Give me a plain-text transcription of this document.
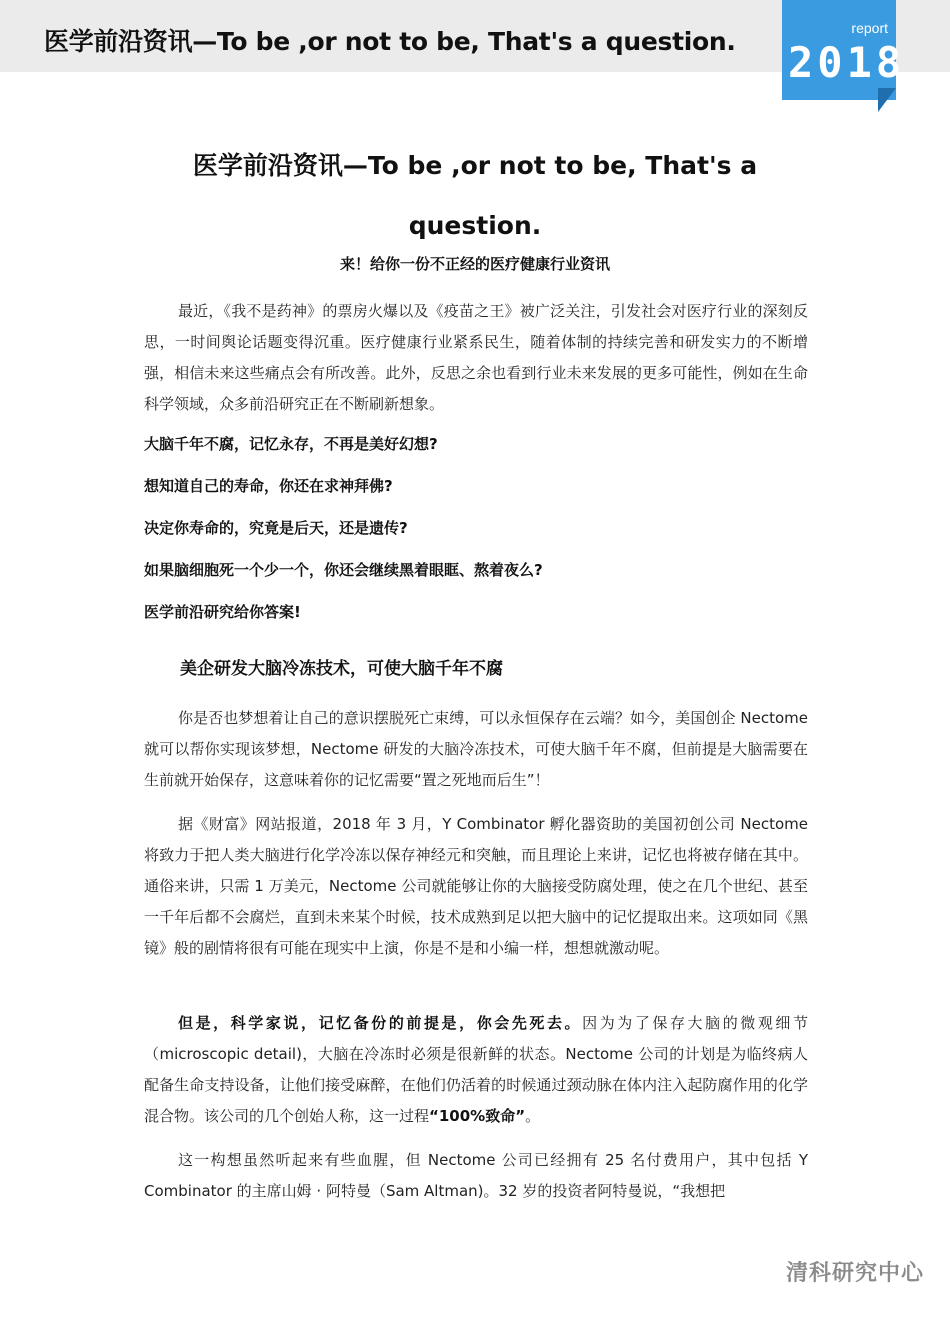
医学前沿资讯—To be ,or not to be, That's a question.	report
2018
医学前沿资讯—To be ,or not to be, That's a question.
来！给你一份不正经的医疗健康行业资讯

最近，《我不是药神》的票房火爆以及《疫苗之王》被广泛关注，引发社会对医疗行业的深刻反思，一时间舆论话题变得沉重。医疗健康行业紧系民生，随着体制的持续完善和研发实力的不断增强，相信未来这些痛点会有所改善。此外，反思之余也看到行业未来发展的更多可能性，例如在生命科学领域，众多前沿研究正在不断刷新想象。

大脑千年不腐，记忆永存，不再是美好幻想?
想知道自己的寿命，你还在求神拜佛?
决定你寿命的，究竟是后天，还是遗传?
如果脑细胞死一个少一个，你还会继续黑着眼眶、熬着夜么?
医学前沿研究给你答案!
美企研发大脑冷冻技术，可使大脑千年不腐

你是否也梦想着让自己的意识摆脱死亡束缚，可以永恒保存在云端？如今，美国创企 Nectome 就可以帮你实现该梦想，Nectome 研发的大脑冷冻技术，可使大脑千年不腐，但前提是大脑需要在生前就开始保存，这意味着你的记忆需要“置之死地而后生”！

据《财富》网站报道，2018 年 3 月，Y Combinator 孵化器资助的美国初创公司 Nectome 将致力于把人类大脑进行化学冷冻以保存神经元和突触，而且理论上来讲，记忆也将被存储在其中。通俗来讲，只需 1 万美元，Nectome 公司就能够让你的大脑接受防腐处理，使之在几个世纪、甚至一千年后都不会腐烂，直到未来某个时候，技术成熟到足以把大脑中的记忆提取出来。这项如同《黑镜》般的剧情将很有可能在现实中上演，你是不是和小编一样，想想就激动呢。

但是，科学家说，记忆备份的前提是，你会先死去。因为为了保存大脑的微观细节（microscopic detail)，大脑在冷冻时必须是很新鲜的状态。Nectome 公司的计划是为临终病人配备生命支持设备，让他们接受麻醉，在他们仍活着的时候通过颈动脉在体内注入起防腐作用的化学混合物。该公司的几个创始人称，这一过程“100%致命”。

这一构想虽然听起来有些血腥，但 Nectome 公司已经拥有 25 名付费用户，其中包括 Y Combinator 的主席山姆 · 阿特曼（Sam Altman)。32 岁的投资者阿特曼说，“我想把

清科研究中心
